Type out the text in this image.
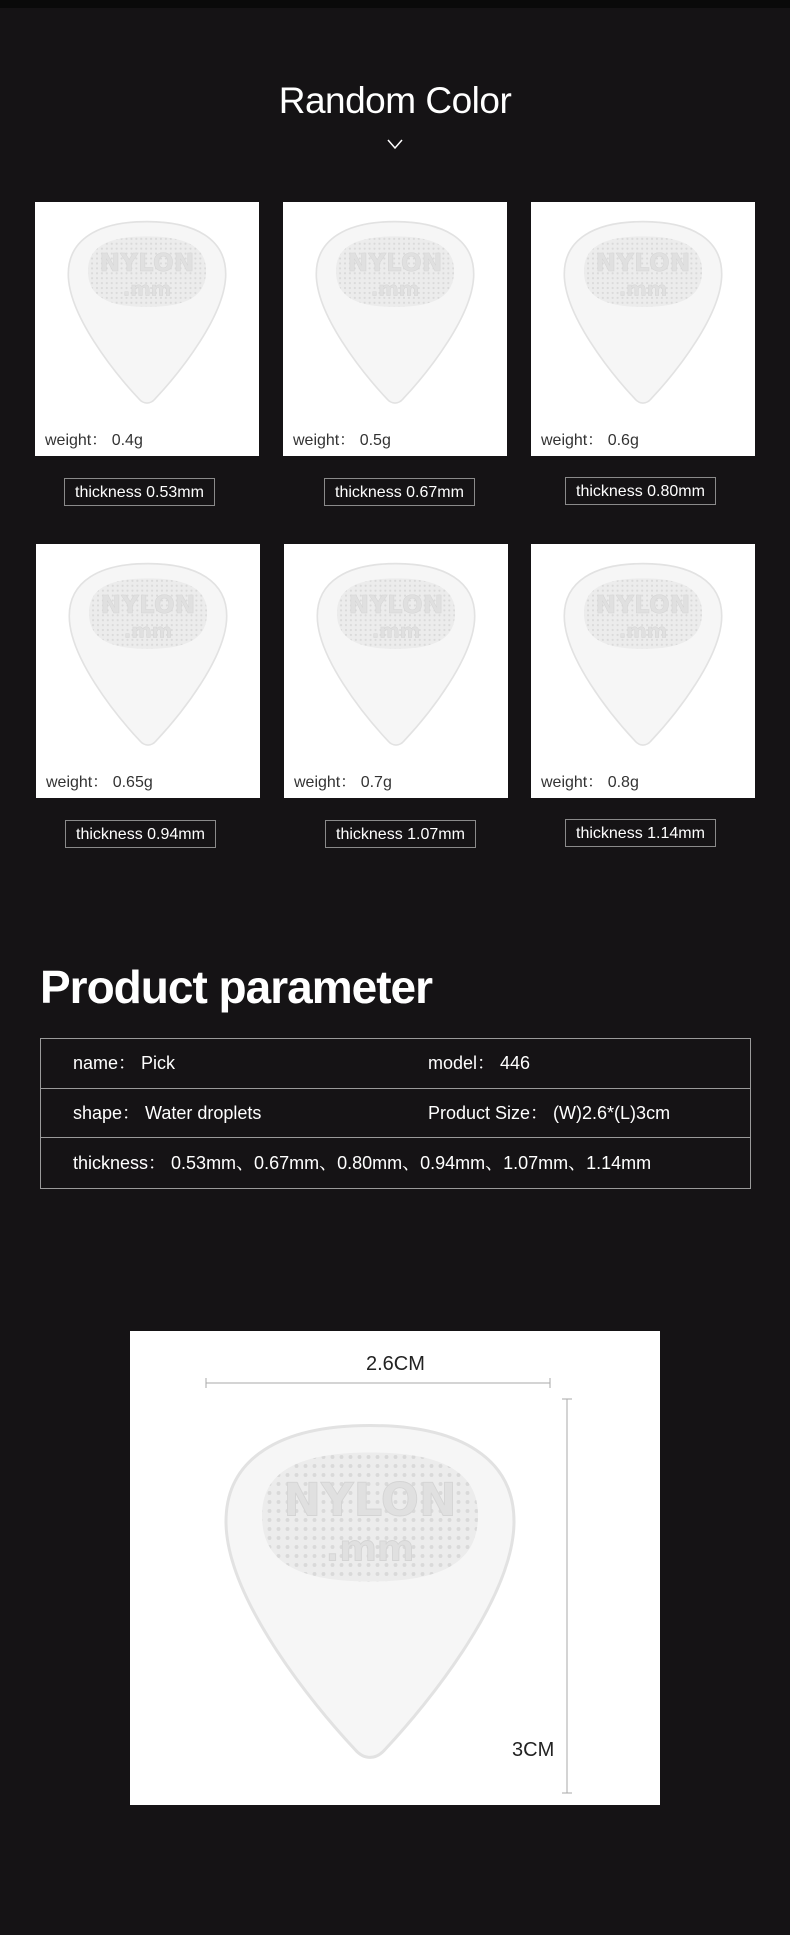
Random Color
weight： 0.4g
thickness 0.53mm
weight： 0.5g
thickness 0.67mm
weight： 0.6g
thickness 0.80mm
weight： 0.65g
thickness 0.94mm
weight： 0.7g
thickness 1.07mm
weight： 0.8g
thickness 1.14mm
Product parameter
name： Pick	model： 446
shape： Water droplets	Product Size： (W)2.6*(L)3cm
thickness： 0.53mm、0.67mm、0.80mm、0.94mm、1.07mm、1.14mm
2.6CM
3CM
